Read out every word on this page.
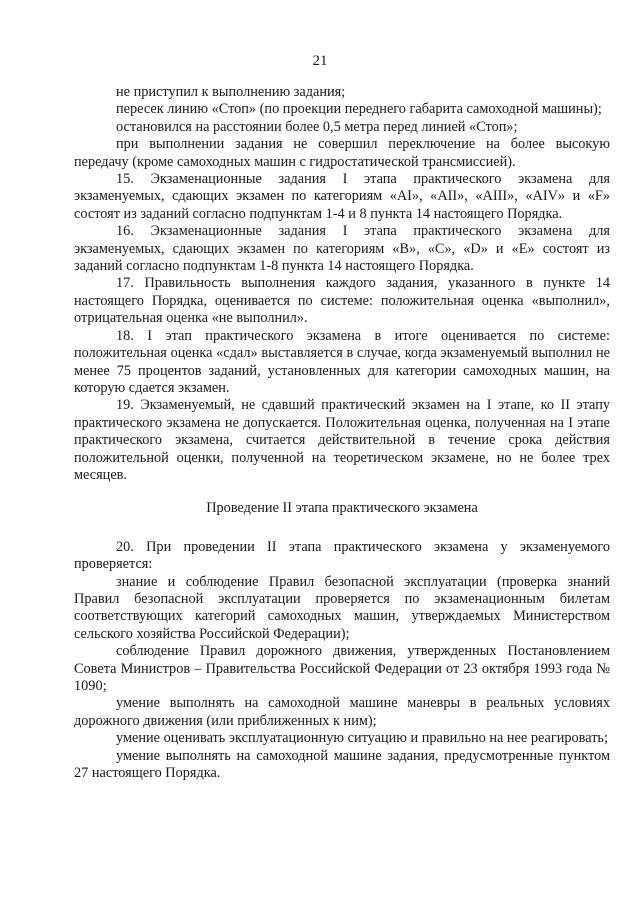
21

не приступил к выполнению задания;

пересек линию «Стоп» (по проекции переднего габарита самоходной машины);

остановился на расстоянии более 0,5 метра перед линией «Стоп»;

при выполнении задания не совершил переключение на более высокую передачу (кроме самоходных машин с гидростатической трансмиссией).

15. Экзаменационные задания I этапа практического экзамена для экзаменуемых, сдающих экзамен по категориям «AI», «AII», «AIII», «AIV» и «F» состоят из заданий согласно подпунктам 1-4 и 8 пункта 14 настоящего Порядка.

16. Экзаменационные задания I этапа практического экзамена для экзаменуемых, сдающих экзамен по категориям «B», «C», «D» и «E» состоят из заданий согласно подпунктам 1-8 пункта 14 настоящего Порядка.

17. Правильность выполнения каждого задания, указанного в пункте 14 настоящего Порядка, оценивается по системе: положительная оценка «выполнил», отрицательная оценка «не выполнил».

18. I этап практического экзамена в итоге оценивается по системе: положительная оценка «сдал» выставляется в случае, когда экзаменуемый выполнил не менее 75 процентов заданий, установленных для категории самоходных машин, на которую сдается экзамен.

19. Экзаменуемый, не сдавший практический экзамен на I этапе, ко II этапу практического экзамена не допускается. Положительная оценка, полученная на I этапе практического экзамена, считается действительной в течение срока действия положительной оценки, полученной на теоретическом экзамене, но не более трех месяцев.

Проведение II этапа практического экзамена

20. При проведении II этапа практического экзамена у экзаменуемого проверяется:

знание и соблюдение Правил безопасной эксплуатации (проверка знаний Правил безопасной эксплуатации проверяется по экзаменационным билетам соответствующих категорий самоходных машин, утверждаемых Министерством сельского хозяйства Российской Федерации);

соблюдение Правил дорожного движения, утвержденных Постановлением Совета Министров – Правительства Российской Федерации от 23 октября 1993 года № 1090;

умение выполнять на самоходной машине маневры в реальных условиях дорожного движения (или приближенных к ним);

умение оценивать эксплуатационную ситуацию и правильно на нее реагировать;

умение выполнять на самоходной машине задания, предусмотренные пунктом 27 настоящего Порядка.
